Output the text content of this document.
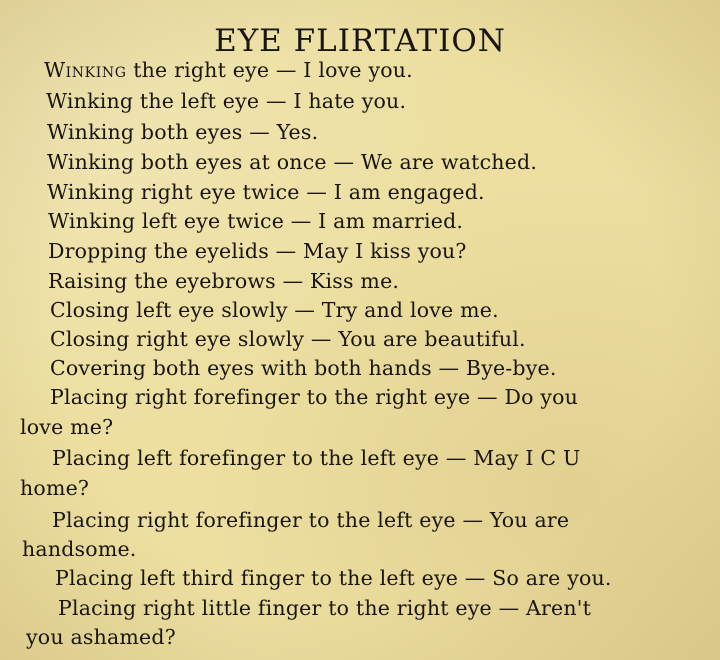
EYE FLIRTATION
Winking the right eye — I love you.
Winking the left eye — I hate you.
Winking both eyes — Yes.
Winking both eyes at once — We are watched.
Winking right eye twice — I am engaged.
Winking left eye twice — I am married.
Dropping the eyelids — May I kiss you?
Raising the eyebrows — Kiss me.
Closing left eye slowly — Try and love me.
Closing right eye slowly — You are beautiful.
Covering both eyes with both hands — Bye-bye.
Placing right forefinger to the right eye — Do you
love me?
Placing left forefinger to the left eye — May I C U
home?
Placing right forefinger to the left eye — You are
handsome.
Placing left third finger to the left eye — So are you.
Placing right little finger to the right eye — Aren't
you ashamed?
